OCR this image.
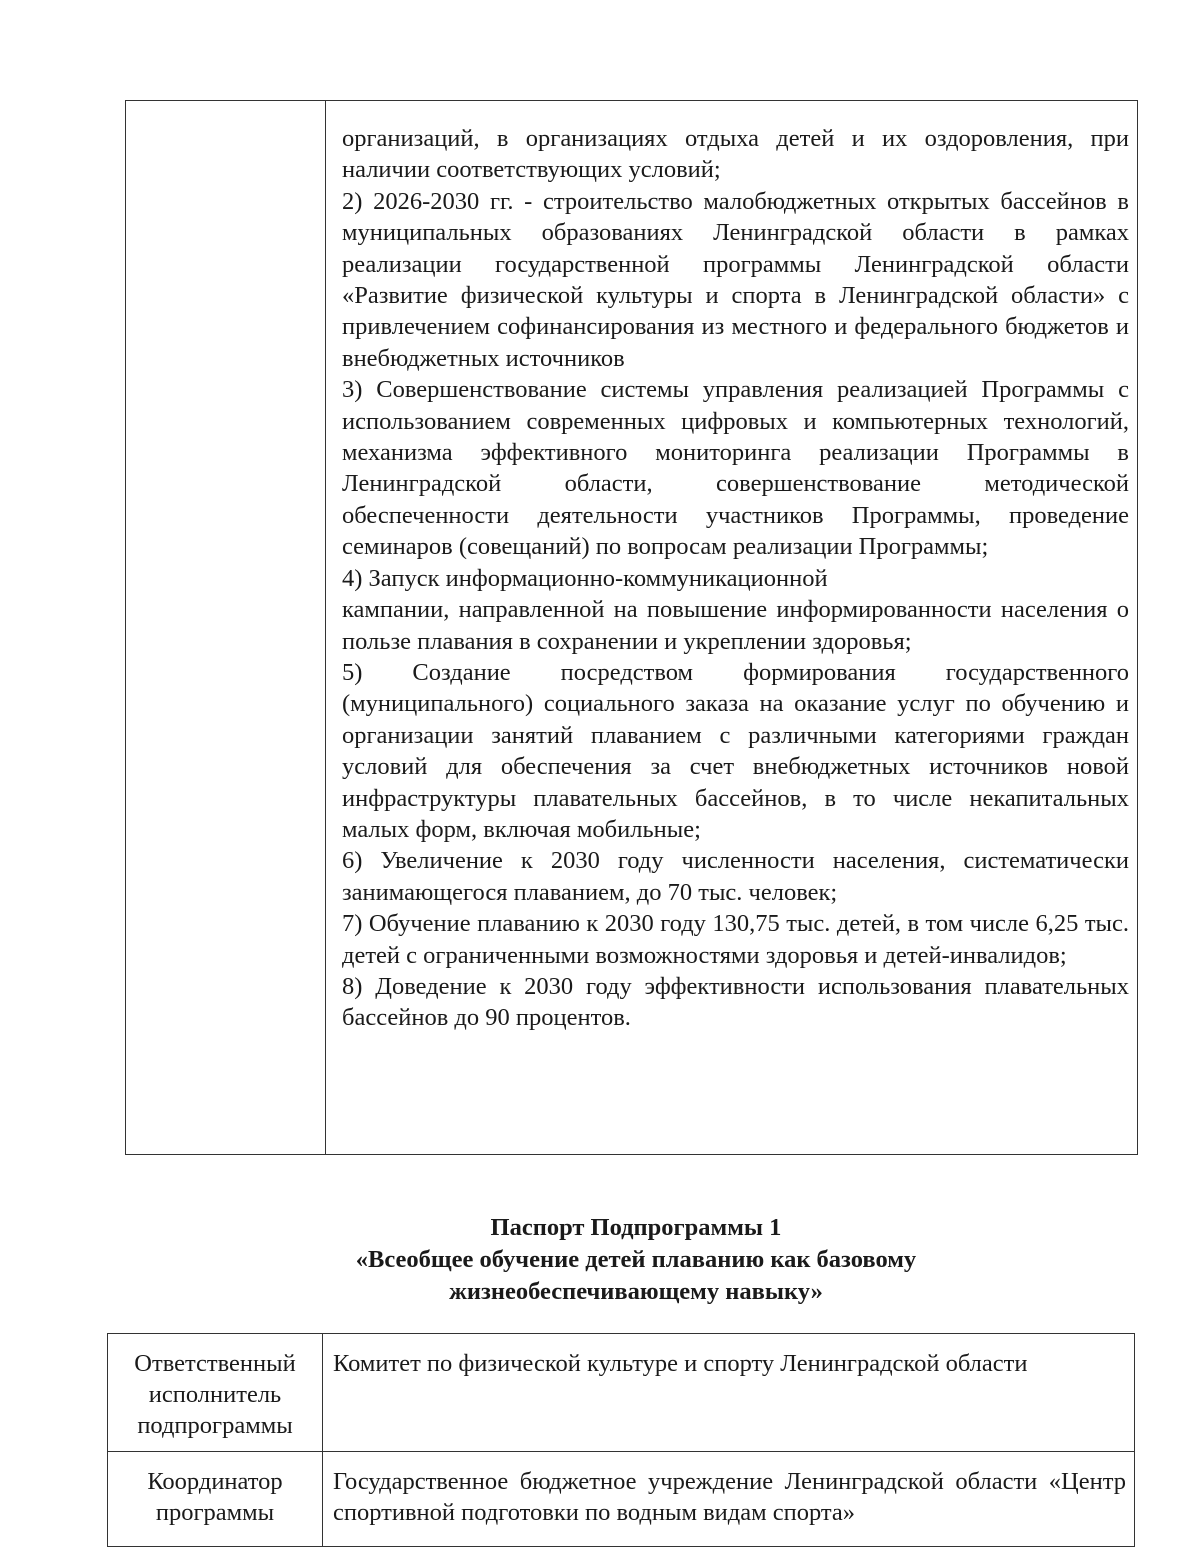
организаций, в организациях отдыха детей и их оздоровления, при наличии соответствующих условий;

2) 2026-2030 гг. - строительство малобюджетных открытых бассейнов в муниципальных образованиях Ленинградской области в рамках реализации государственной программы Ленинградской области «Развитие физической культуры и спорта в Ленинградской области» с привлечением софинансирования из местного и федерального бюджетов и внебюджетных источников

3) Совершенствование системы управления реализацией Программы с использованием современных цифровых и компьютерных технологий, механизма эффективного мониторинга реализации Программы в Ленинградской области, совершенствование методической обеспеченности деятельности участников Программы, проведение семинаров (совещаний) по вопросам реализации Программы;

4) Запуск информационно-коммуникационной

кампании, направленной на повышение информированности населения о пользе плавания в сохранении и укреплении здоровья;

5) Создание посредством формирования государственного (муниципального) социального заказа на оказание услуг по обучению и организации занятий плаванием с различными категориями граждан условий для обеспечения за счет внебюджетных источников новой инфраструктуры плавательных бассейнов, в то числе некапитальных малых форм, включая мобильные;

6) Увеличение к 2030 году численности населения, систематически занимающегося плаванием, до 70 тыс. человек;

7) Обучение плаванию к 2030 году 130,75 тыс. детей, в том числе 6,25 тыс. детей с ограниченными возможностями здоровья и детей-инвалидов;

8) Доведение к 2030 году эффективности использования плавательных бассейнов до 90 процентов.

Паспорт Подпрограммы 1
«Всеобщее обучение детей плаванию как базовому
жизнеобеспечивающему навыку»
Ответственный исполнитель подпрограммы	Комитет по физической культуре и спорту Ленинградской области
Координатор программы	Государственное бюджетное учреждение Ленинградской области «Центр спортивной подготовки по водным видам спорта»
